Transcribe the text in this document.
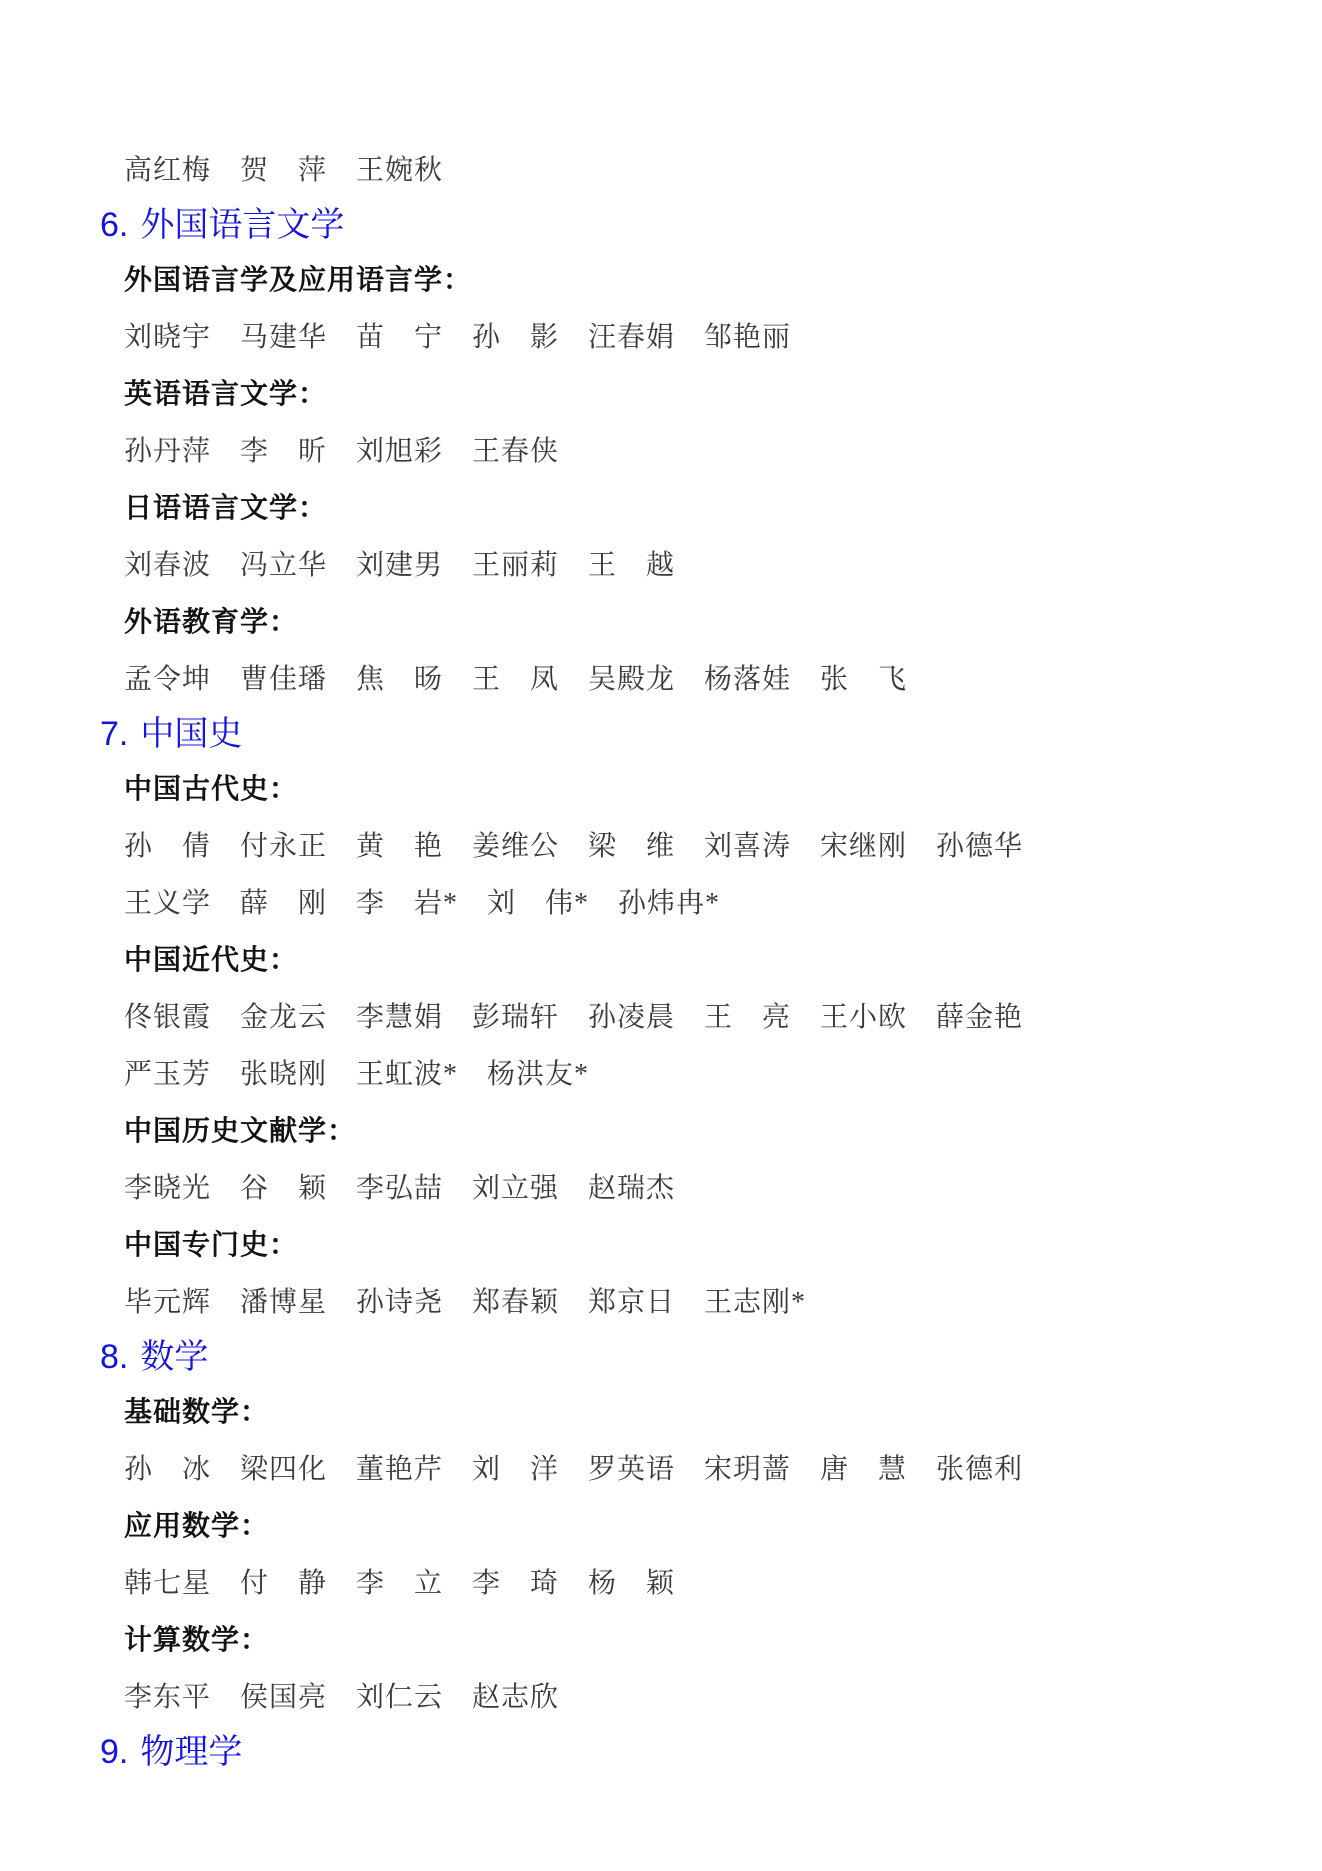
高红梅　贺　萍　王婉秋
6. 外国语言文学
外国语言学及应用语言学：
刘晓宇　马建华　苗　宁　孙　影　汪春娟　邹艳丽
英语语言文学：
孙丹萍　李　昕　刘旭彩　王春侠
日语语言文学：
刘春波　冯立华　刘建男　王丽莉　王　越
外语教育学：
孟令坤　曹佳璠　焦　旸　王　凤　吴殿龙　杨落娃　张　飞
7. 中国史
中国古代史：
孙　倩　付永正　黄　艳　姜维公　梁　维　刘喜涛　宋继刚　孙德华
王义学　薛　刚　李　岩*　刘　伟*　孙炜冉*
中国近代史：
佟银霞　金龙云　李慧娟　彭瑞轩　孙凌晨　王　亮　王小欧　薛金艳
严玉芳　张晓刚　王虹波*　杨洪友*
中国历史文献学：
李晓光　谷　颖　李弘喆　刘立强　赵瑞杰
中国专门史：
毕元辉　潘博星　孙诗尧　郑春颖　郑京日　王志刚*
8. 数学
基础数学：
孙　冰　梁四化　董艳芹　刘　洋　罗英语　宋玥蔷　唐　慧　张德利
应用数学：
韩七星　付　静　李　立　李　琦　杨　颖
计算数学：
李东平　侯国亮　刘仁云　赵志欣
9. 物理学
